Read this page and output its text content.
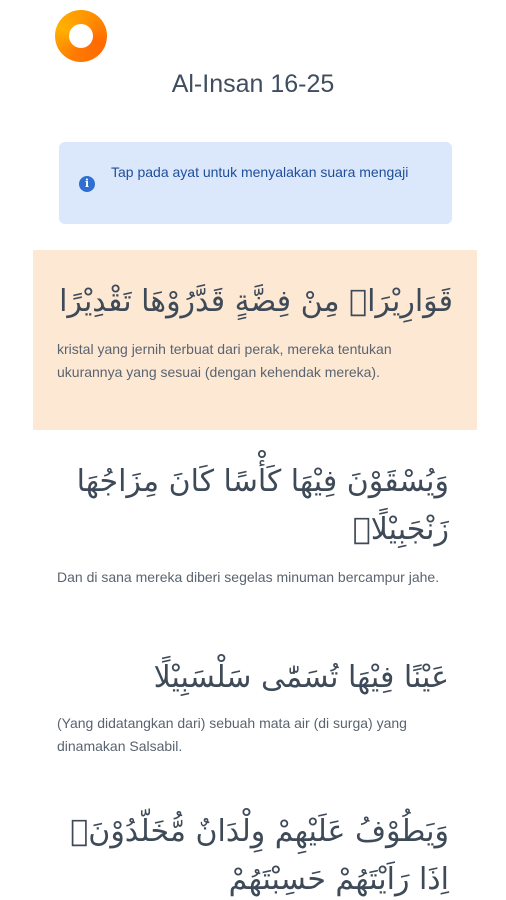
Al-Insan 16-25
i
Tap pada ayat untuk menyalakan suara mengaji
قَوَارِيْرَا۟ مِنْ فِضَّةٍ قَدَّرُوْهَا تَقْدِيْرًا
kristal yang jernih terbuat dari perak, mereka tentukan ukurannya yang sesuai (dengan kehendak mereka).
وَيُسْقَوْنَ فِيْهَا كَأْسًا كَانَ مِزَاجُهَا زَنْجَبِيْلًاۚ
Dan di sana mereka diberi segelas minuman bercampur jahe.
عَيْنًا فِيْهَا تُسَمّٰى سَلْسَبِيْلًا
(Yang didatangkan dari) sebuah mata air (di surga) yang dinamakan Salsabil.
وَيَطُوْفُ عَلَيْهِمْ وِلْدَانٌ مُّخَلَّدُوْنَۚ اِذَا رَاَيْتَهُمْ حَسِبْتَهُمْ
